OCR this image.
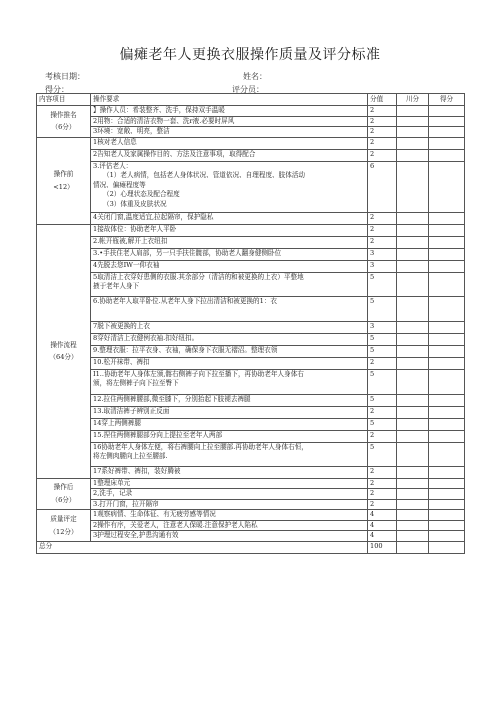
偏瘫老年人更换衣服操作质量及评分标准
考核日期：	姓名：
得分：	评分员：
内容项目	操作要求	分值	川分	得分

操作推名
（6分）	】操作人员：希装整齐、洗手，保持双手温暖	2		

	2用物：合适的清洁衣物一套、洗r液.必要时屏风	2		

	3环境：宽敞、明亮，整洁	2		

操作前
<12）	1核对老人信息	2		

	2告知老人及家属操作目的、方法及注意事项，取得配合	2		

	3.评估老人：
（1）老人病情，包括老人身体状况、管道依况、自理程度、肢体活动
情况、偏瘫程度等
（2）心理状态及配合程度
（3）体重及皮肤状况	6		

	4关闭门窗,温度适宜,拉起隔帘，保护隐私	2		

操作流程
（64分）	1接故体位：协助老年人平卧	2		

	2.帐开瓶被,解开上衣纽扣	2		

	3.•手扶住老人肩部，另一只手扶住髋部，协助老人翻身健侧卧位	3		

	4先脱去您IW一仰衣袖	3		

	5取清洁上衣穿好患侧的衣服.其余部分（清洁的和被更换的上衣）平整地
掖于老年人身下	5		

	6.协助老年人取平卧位.从老年人身下拉出清洁和被更换的1：衣	5		

	7脱下被更换的上衣	3		

	8穿好清洁上衣健例衣袖.扣好纽扣。	5		

	9.整理衣服：拉平衣身、衣袖，确保身下衣服无褶沼。整理衣领	5		

	10.松开袜带、裤扣	2		

	I1..协助老年人身体左颁,髂右侧裤子向下拉至播下，再协助老年人身体右
颁，将左侧裤子向下拉至臀下	5		

	12.拉住两侧裤腰部,微至膝下，分别抬起下肢褪去裤腿	5		

	13.取清洁裤子辨别正反面	2		

	14穿上两侧裤腿	5		

	15.捏住两侧裤腿部分向上提拉至老年人两部	2		

	16协助老年人身体左便，将右裤腰向上拉至腰部.再协助老年人身体右恒，
将左侧肉腰向上拉至腰部.	5		

	17系好裤带、裤扣，装好腾被	2		

操作后
（6分）	1整理床单元	2		

	2,洗手，记录	2		

	3.打开门窗，拉开隔帘	2		

质量评定
（12分）	1观察病情、生命体征、有无疲劳感等情况	4		

	2操作有序，关爱老人，注意老人保暖.注意保护老人陷私	4		

	3护理过程安全,护患沟通有效	4		
总分		100		
